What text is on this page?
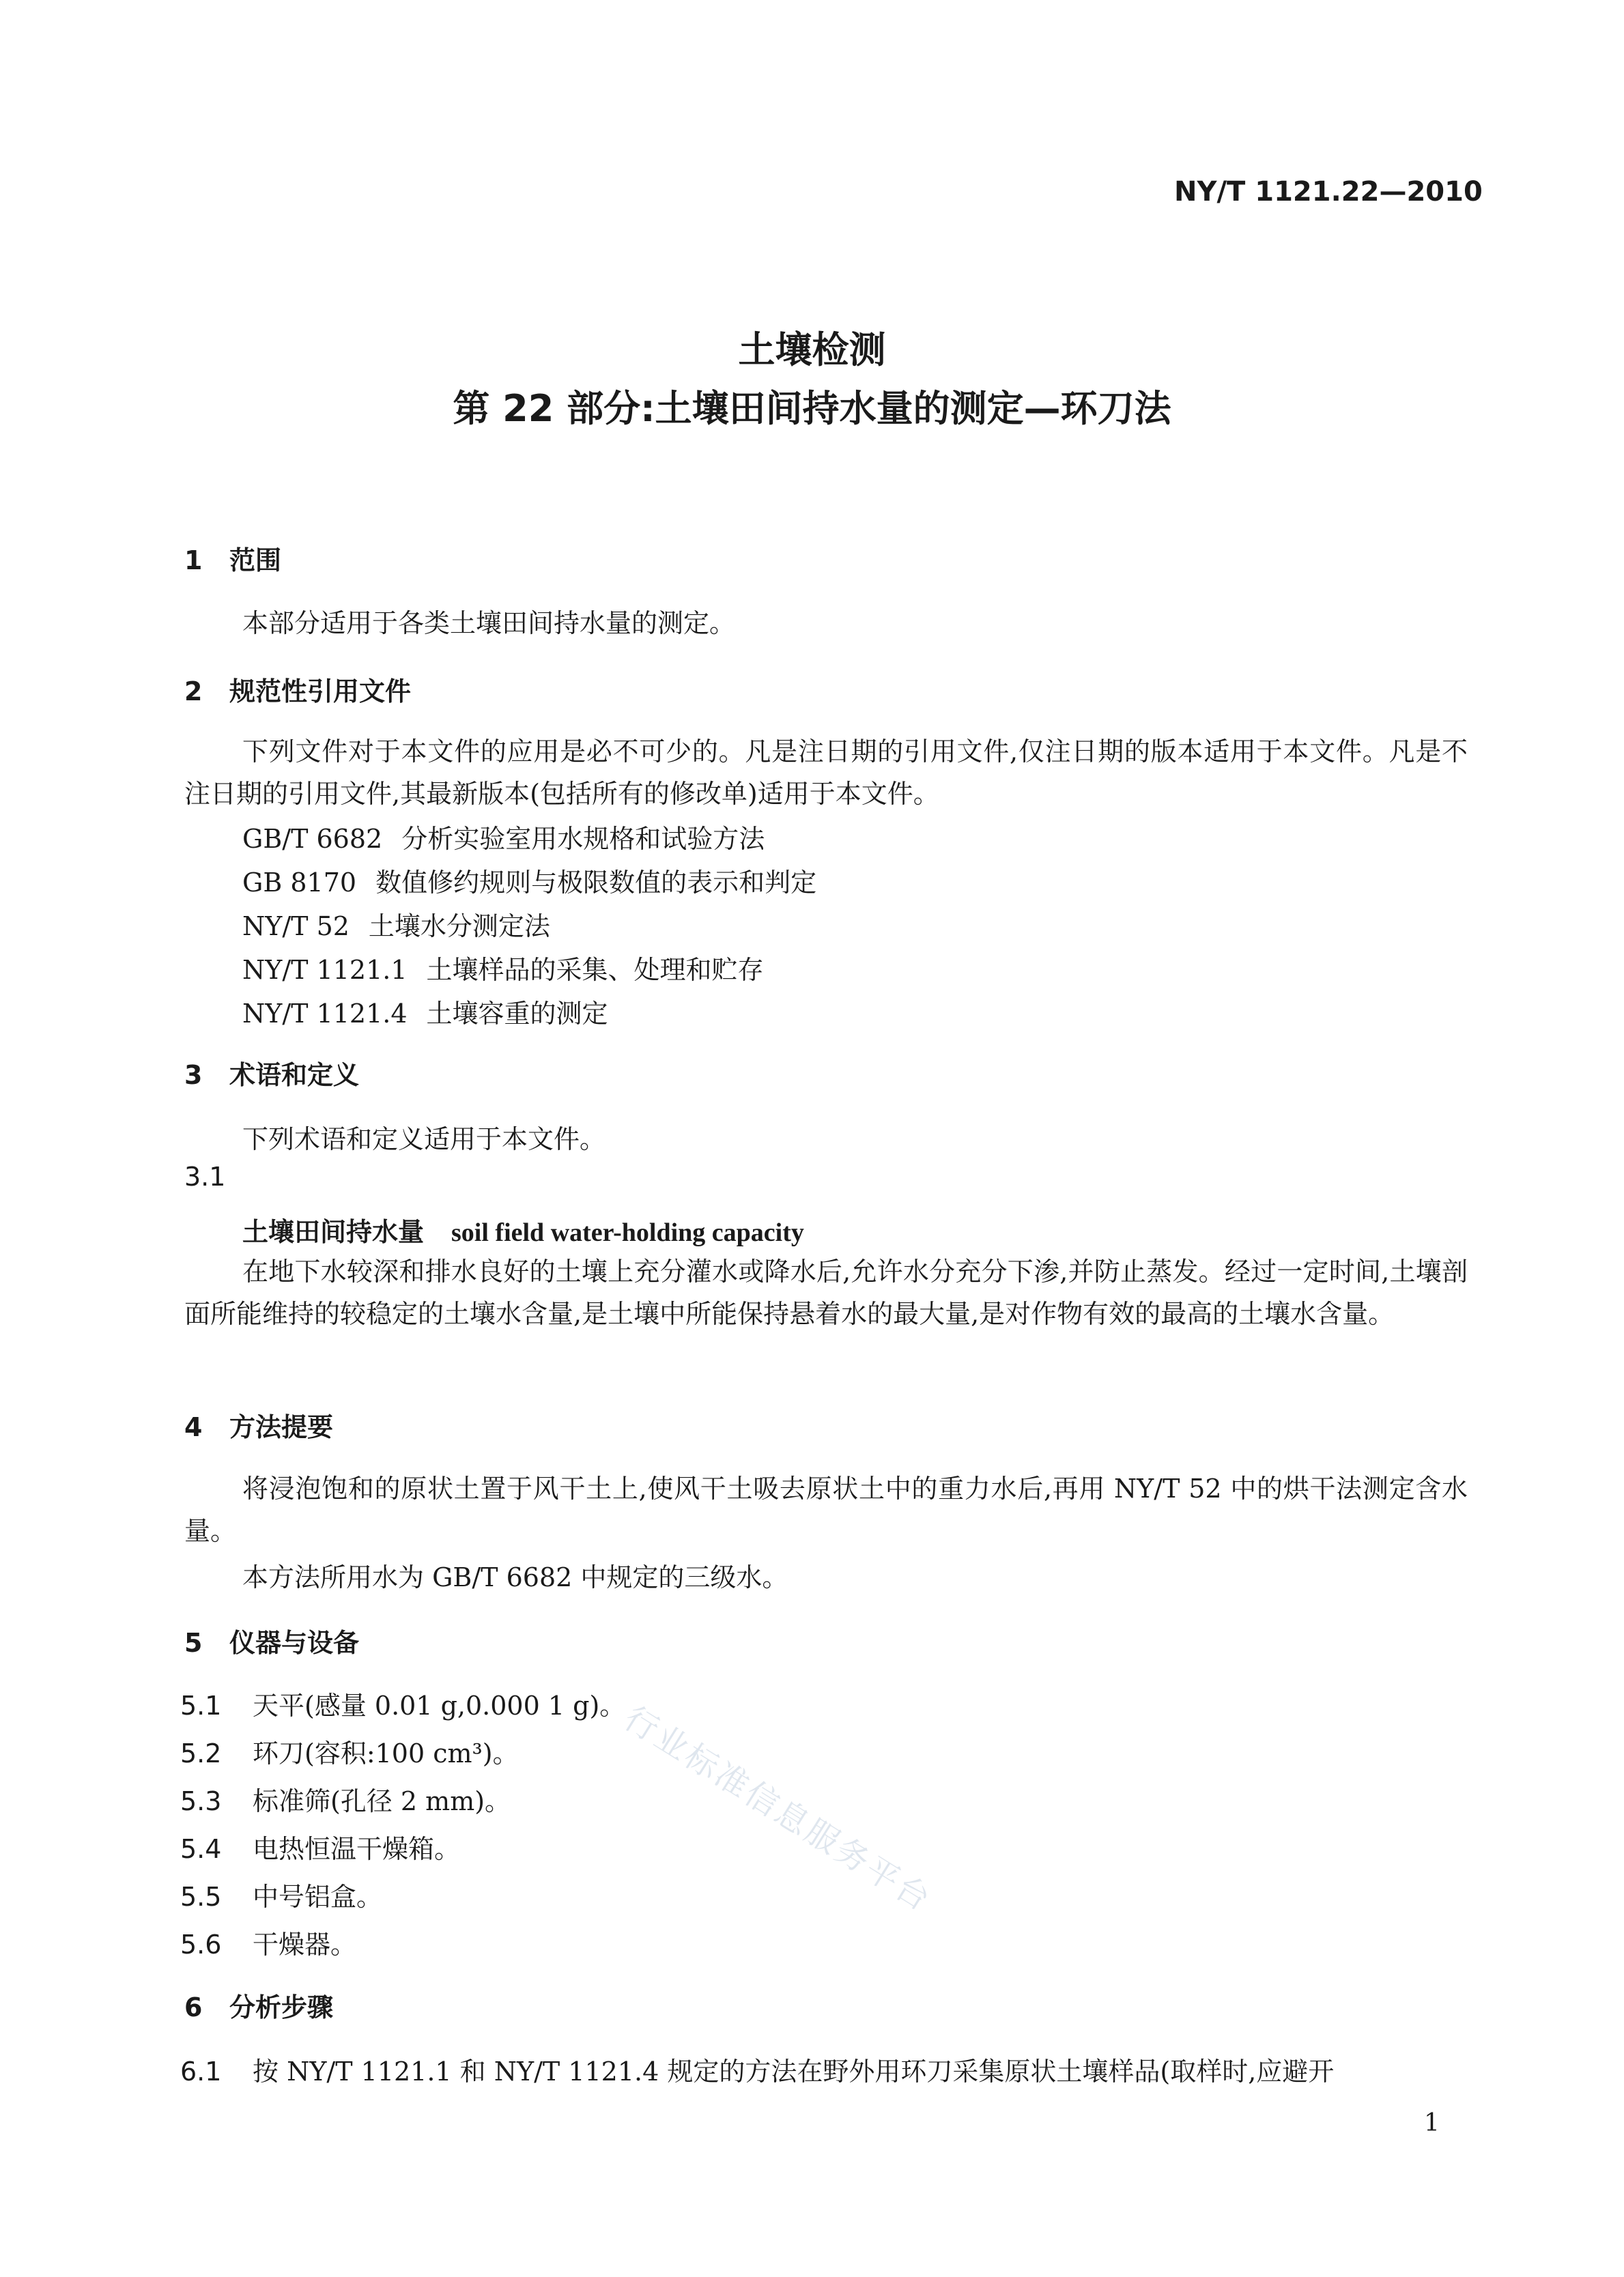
NY/T 1121.22—2010
土壤检测
第 22 部分:土壤田间持水量的测定—环刀法
1 范围
本部分适用于各类土壤田间持水量的测定。
2 规范性引用文件
下列文件对于本文件的应用是必不可少的。凡是注日期的引用文件,仅注日期的版本适用于本文件。凡是不注日期的引用文件,其最新版本(包括所有的修改单)适用于本文件。
GB/T 6682 分析实验室用水规格和试验方法
GB 8170 数值修约规则与极限数值的表示和判定
NY/T 52 土壤水分测定法
NY/T 1121.1 土壤样品的采集、处理和贮存
NY/T 1121.4 土壤容重的测定
3 术语和定义
下列术语和定义适用于本文件。
3.1
土壤田间持水量 soil field water-holding capacity
在地下水较深和排水良好的土壤上充分灌水或降水后,允许水分充分下渗,并防止蒸发。经过一定时间,土壤剖面所能维持的较稳定的土壤水含量,是土壤中所能保持悬着水的最大量,是对作物有效的最高的土壤水含量。
4 方法提要
将浸泡饱和的原状土置于风干土上,使风干土吸去原状土中的重力水后,再用 NY/T 52 中的烘干法测定含水量。
本方法所用水为 GB/T 6682 中规定的三级水。
5 仪器与设备
5.1 天平(感量 0.01 g,0.000 1 g)。
5.2 环刀(容积:100 cm³)。
5.3 标准筛(孔径 2 mm)。
5.4 电热恒温干燥箱。
5.5 中号铝盒。
5.6 干燥器。
6 分析步骤
6.1 按 NY/T 1121.1 和 NY/T 1121.4 规定的方法在野外用环刀采集原状土壤样品(取样时,应避开
行业标准信息服务平台
1
